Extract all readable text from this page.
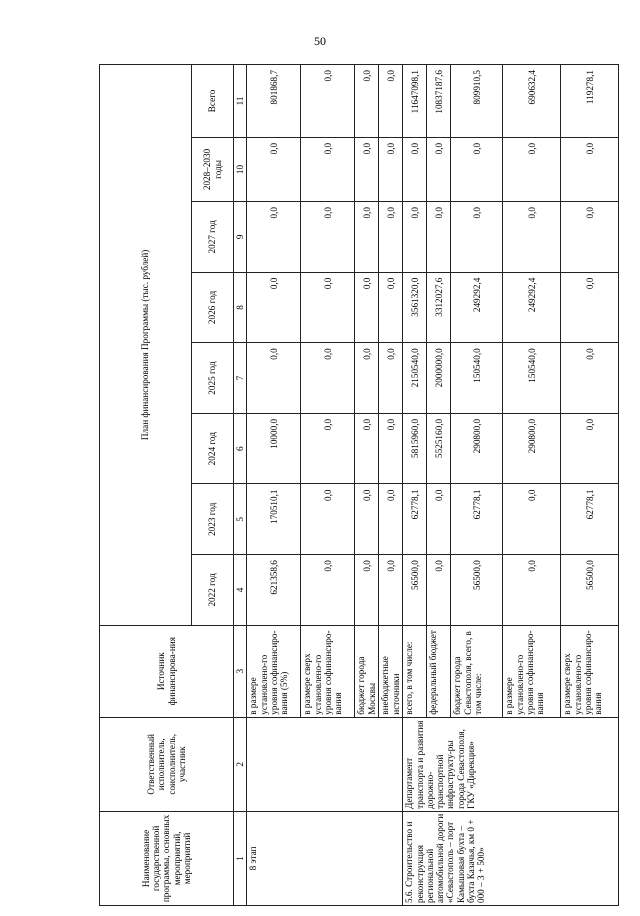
50
Наименование государственной программы, основных мероприятий, мероприятий	Ответственный исполнитель, соисполнитель, участник	Источник финансирова-ния	План финансирования Программы (тыс. рублей)							
			2022 год	2023 год	2024 год	2025 год	2026 год	2027 год	2028–2030 годы	Всего
1	2	3	4	5	6	7	8	9	10	11
8 этап		в размере установлено-го уровня софинансиро-вания (5%)	621358,6	170510,1	10000,0	0,0	0,0	0,0	0,0	801868,7
		в размере сверх установлено-го уровня софинансиро-вания	0,0	0,0	0,0	0,0	0,0	0,0	0,0	0,0
		бюджет города Москвы	0,0	0,0	0,0	0,0	0,0	0,0	0,0	0,0
		внебюджетные источники	0,0	0,0	0,0	0,0	0,0	0,0	0,0	0,0
5.6. Строительство и реконструкция региональной автомобильной дороги «Севастополь – порт Камышовая бухта – бухта Казачья, км 0 + 000 – 3 + 500»	Департамент транспорта и развития дорожно-транспортной инфраструкту-ры города Севастополя, ГКУ «Дирекция»	всего, в том числе:	56500,0	62778,1	5815960,0	2150540,0	3561320,0	0,0	0,0	11647098,1
		федеральный бюджет	0,0	0,0	5525160,0	2000000,0	3312027,6	0,0	0,0	10837187,6
		бюджет города Севастополя, всего, в том числе:	56500,0	62778,1	290800,0	150540,0	249292,4	0,0	0,0	809910,5
		в размере установлено-го уровня софинансиро-вания	0,0	0,0	290800,0	150540,0	249292,4	0,0	0,0	690632,4
		в размере сверх установлено-го уровня софинансиро-вания	56500,0	62778,1	0,0	0,0	0,0	0,0	0,0	119278,1
